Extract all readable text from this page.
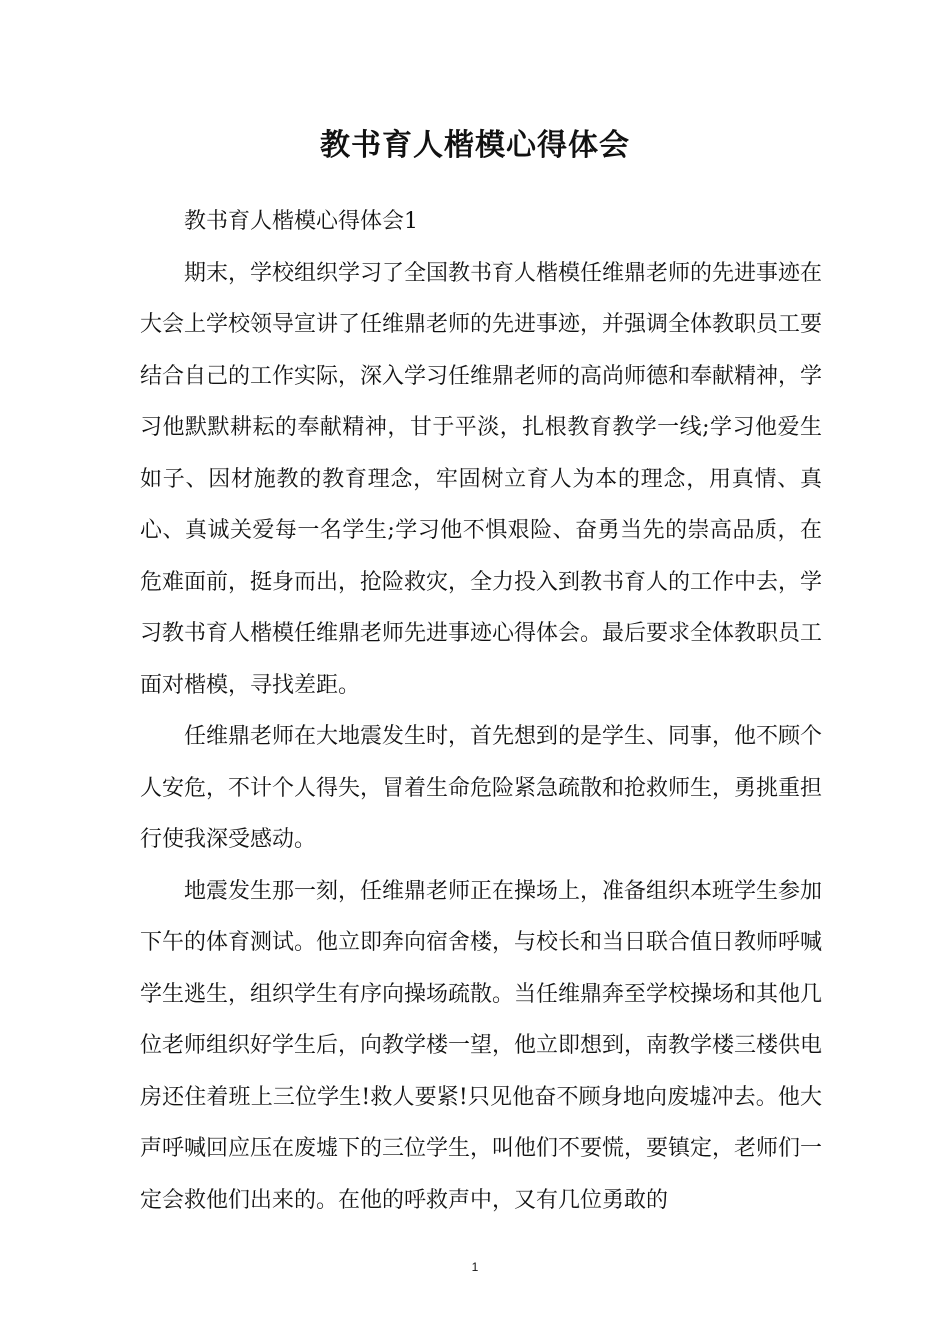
教书育人楷模心得体会

教书育人楷模心得体会1

期末，学校组织学习了全国教书育人楷模任维鼎老师的先进事迹在大会上学校领导宣讲了任维鼎老师的先进事迹，并强调全体教职员工要结合自己的工作实际，深入学习任维鼎老师的高尚师德和奉献精神，学习他默默耕耘的奉献精神，甘于平淡，扎根教育教学一线;学习他爱生如子、因材施教的教育理念，牢固树立育人为本的理念，用真情、真心、真诚关爱每一名学生;学习他不惧艰险、奋勇当先的崇高品质，在危难面前，挺身而出，抢险救灾，全力投入到教书育人的工作中去，学习教书育人楷模任维鼎老师先进事迹心得体会。最后要求全体教职员工面对楷模，寻找差距。

任维鼎老师在大地震发生时，首先想到的是学生、同事，他不顾个人安危，不计个人得失，冒着生命危险紧急疏散和抢救师生，勇挑重担行使我深受感动。

地震发生那一刻，任维鼎老师正在操场上，准备组织本班学生参加下午的体育测试。他立即奔向宿舍楼，与校长和当日联合值日教师呼喊学生逃生，组织学生有序向操场疏散。当任维鼎奔至学校操场和其他几位老师组织好学生后，向教学楼一望，他立即想到，南教学楼三楼供电房还住着班上三位学生!救人要紧!只见他奋不顾身地向废墟冲去。他大声呼喊回应压在废墟下的三位学生，叫他们不要慌，要镇定，老师们一定会救他们出来的。在他的呼救声中，又有几位勇敢的

1
